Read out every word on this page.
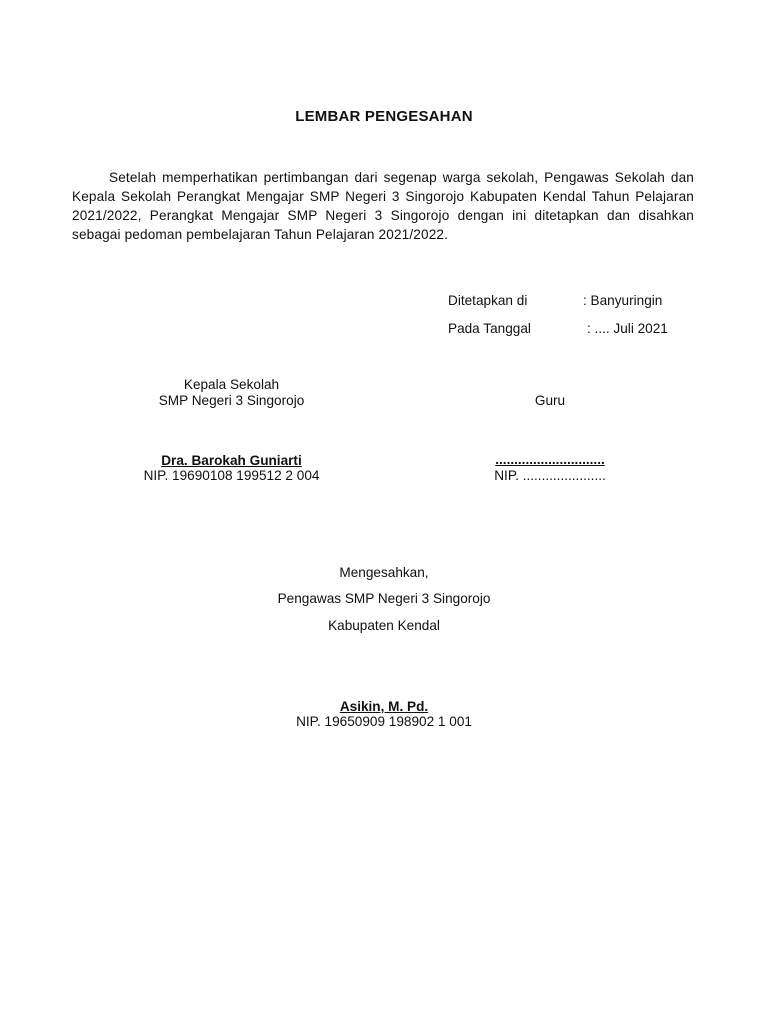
LEMBAR PENGESAHAN

Setelah memperhatikan pertimbangan dari segenap warga sekolah, Pengawas Sekolah dan Kepala Sekolah Perangkat Mengajar SMP Negeri 3 Singorojo Kabupaten Kendal Tahun Pelajaran 2021/2022, Perangkat Mengajar SMP Negeri 3 Singorojo dengan ini ditetapkan dan disahkan sebagai pedoman pembelajaran Tahun Pelajaran 2021/2022.

Ditetapkan di	: Banyuringin
Pada Tanggal	: .... Juli 2021
Kepala Sekolah
SMP Negeri 3 Singorojo
Dra. Barokah Guniarti
NIP. 19690108 199512 2 004
Guru
.............................
NIP. ......................
Mengesahkan,
Pengawas SMP Negeri 3 Singorojo
Kabupaten Kendal
Asikin, M. Pd.
NIP. 19650909 198902 1 001
